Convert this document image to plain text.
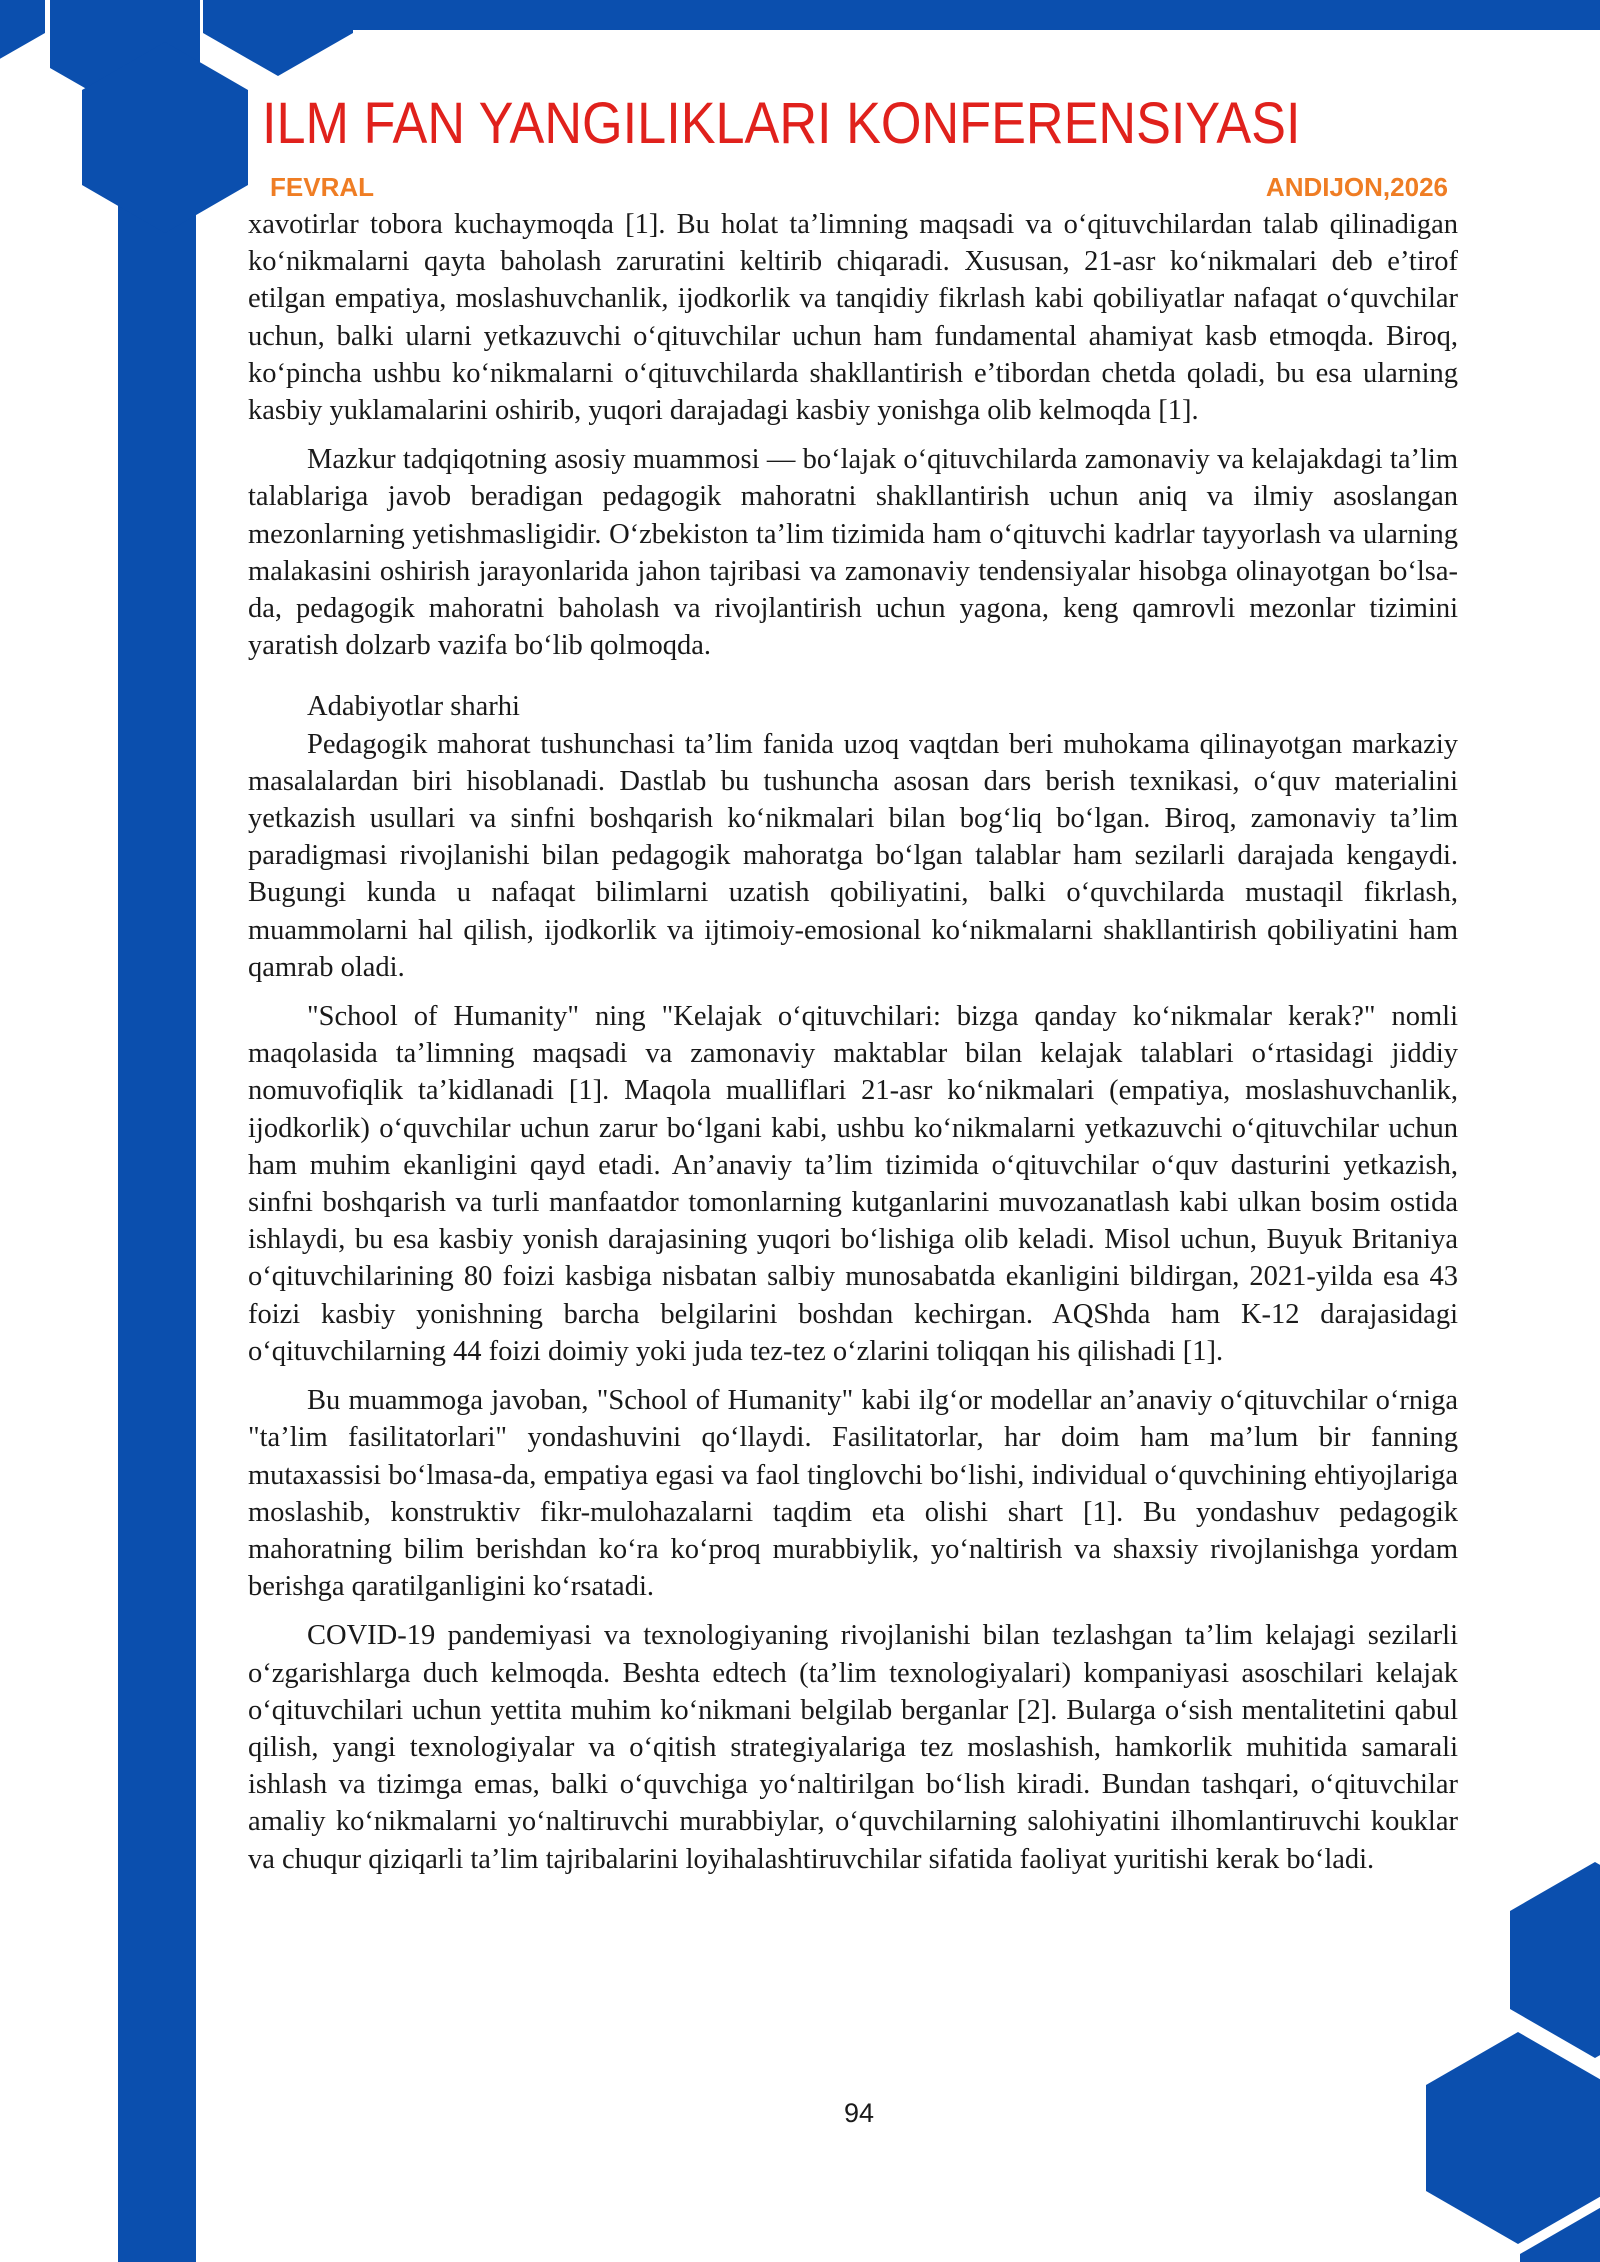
ILM FAN YANGILIKLARI KONFERENSIYASI
FEVRAL	ANDIJON,2026

xavotirlar tobora kuchaymoqda [1]. Bu holat ta’limning maqsadi va o‘qituvchilardan talab qilinadigan ko‘nikmalarni qayta baholash zaruratini keltirib chiqaradi. Xususan, 21-asr ko‘nikmalari deb e’tirof etilgan empatiya, moslashuvchanlik, ijodkorlik va tanqidiy fikrlash kabi qobiliyatlar nafaqat o‘quvchilar uchun, balki ularni yetkazuvchi o‘qituvchilar uchun ham fundamental ahamiyat kasb etmoqda. Biroq, ko‘pincha ushbu ko‘nikmalarni o‘qituvchilarda shakllantirish e’tibordan chetda qoladi, bu esa ularning kasbiy yuklamalarini oshirib, yuqori darajadagi kasbiy yonishga olib kelmoqda [1].

Mazkur tadqiqotning asosiy muammosi — bo‘lajak o‘qituvchilarda zamonaviy va kelajakdagi ta’lim talablariga javob beradigan pedagogik mahoratni shakllantirish uchun aniq va ilmiy asoslangan mezonlarning yetishmasligidir. O‘zbekiston ta’lim tizimida ham o‘qituvchi kadrlar tayyorlash va ularning malakasini oshirish jarayonlarida jahon tajribasi va zamonaviy tendensiyalar hisobga olinayotgan bo‘lsa-da, pedagogik mahoratni baholash va rivojlantirish uchun yagona, keng qamrovli mezonlar tizimini yaratish dolzarb vazifa bo‘lib qolmoqda.

Adabiyotlar sharhi

Pedagogik mahorat tushunchasi ta’lim fanida uzoq vaqtdan beri muhokama qilinayotgan markaziy masalalardan biri hisoblanadi. Dastlab bu tushuncha asosan dars berish texnikasi, o‘quv materialini yetkazish usullari va sinfni boshqarish ko‘nikmalari bilan bog‘liq bo‘lgan. Biroq, zamonaviy ta’lim paradigmasi rivojlanishi bilan pedagogik mahoratga bo‘lgan talablar ham sezilarli darajada kengaydi. Bugungi kunda u nafaqat bilimlarni uzatish qobiliyatini, balki o‘quvchilarda mustaqil fikrlash, muammolarni hal qilish, ijodkorlik va ijtimoiy-emosional ko‘nikmalarni shakllantirish qobiliyatini ham qamrab oladi.

"School of Humanity" ning "Kelajak o‘qituvchilari: bizga qanday ko‘nikmalar kerak?" nomli maqolasida ta’limning maqsadi va zamonaviy maktablar bilan kelajak talablari o‘rtasidagi jiddiy nomuvofiqlik ta’kidlanadi [1]. Maqola mualliflari 21-asr ko‘nikmalari (empatiya, moslashuvchanlik, ijodkorlik) o‘quvchilar uchun zarur bo‘lgani kabi, ushbu ko‘nikmalarni yetkazuvchi o‘qituvchilar uchun ham muhim ekanligini qayd etadi. An’anaviy ta’lim tizimida o‘qituvchilar o‘quv dasturini yetkazish, sinfni boshqarish va turli manfaatdor tomonlarning kutganlarini muvozanatlash kabi ulkan bosim ostida ishlaydi, bu esa kasbiy yonish darajasining yuqori bo‘lishiga olib keladi. Misol uchun, Buyuk Britaniya o‘qituvchilarining 80 foizi kasbiga nisbatan salbiy munosabatda ekanligini bildirgan, 2021-yilda esa 43 foizi kasbiy yonishning barcha belgilarini boshdan kechirgan. AQShda ham K-12 darajasidagi o‘qituvchilarning 44 foizi doimiy yoki juda tez-tez o‘zlarini toliqqan his qilishadi [1].

Bu muammoga javoban, "School of Humanity" kabi ilg‘or modellar an’anaviy o‘qituvchilar o‘rniga "ta’lim fasilitatorlari" yondashuvini qo‘llaydi. Fasilitatorlar, har doim ham ma’lum bir fanning mutaxassisi bo‘lmasa-da, empatiya egasi va faol tinglovchi bo‘lishi, individual o‘quvchining ehtiyojlariga moslashib, konstruktiv fikr-mulohazalarni taqdim eta olishi shart [1]. Bu yondashuv pedagogik mahoratning bilim berishdan ko‘ra ko‘proq murabbiylik, yo‘naltirish va shaxsiy rivojlanishga yordam berishga qaratilganligini ko‘rsatadi.

COVID-19 pandemiyasi va texnologiyaning rivojlanishi bilan tezlashgan ta’lim kelajagi sezilarli o‘zgarishlarga duch kelmoqda. Beshta edtech (ta’lim texnologiyalari) kompaniyasi asoschilari kelajak o‘qituvchilari uchun yettita muhim ko‘nikmani belgilab berganlar [2]. Bularga o‘sish mentalitetini qabul qilish, yangi texnologiyalar va o‘qitish strategiyalariga tez moslashish, hamkorlik muhitida samarali ishlash va tizimga emas, balki o‘quvchiga yo‘naltirilgan bo‘lish kiradi. Bundan tashqari, o‘qituvchilar amaliy ko‘nikmalarni yo‘naltiruvchi murabbiylar, o‘quvchilarning salohiyatini ilhomlantiruvchi kouklar va chuqur qiziqarli ta’lim tajribalarini loyihalashtiruvchilar sifatida faoliyat yuritishi kerak bo‘ladi.

94
